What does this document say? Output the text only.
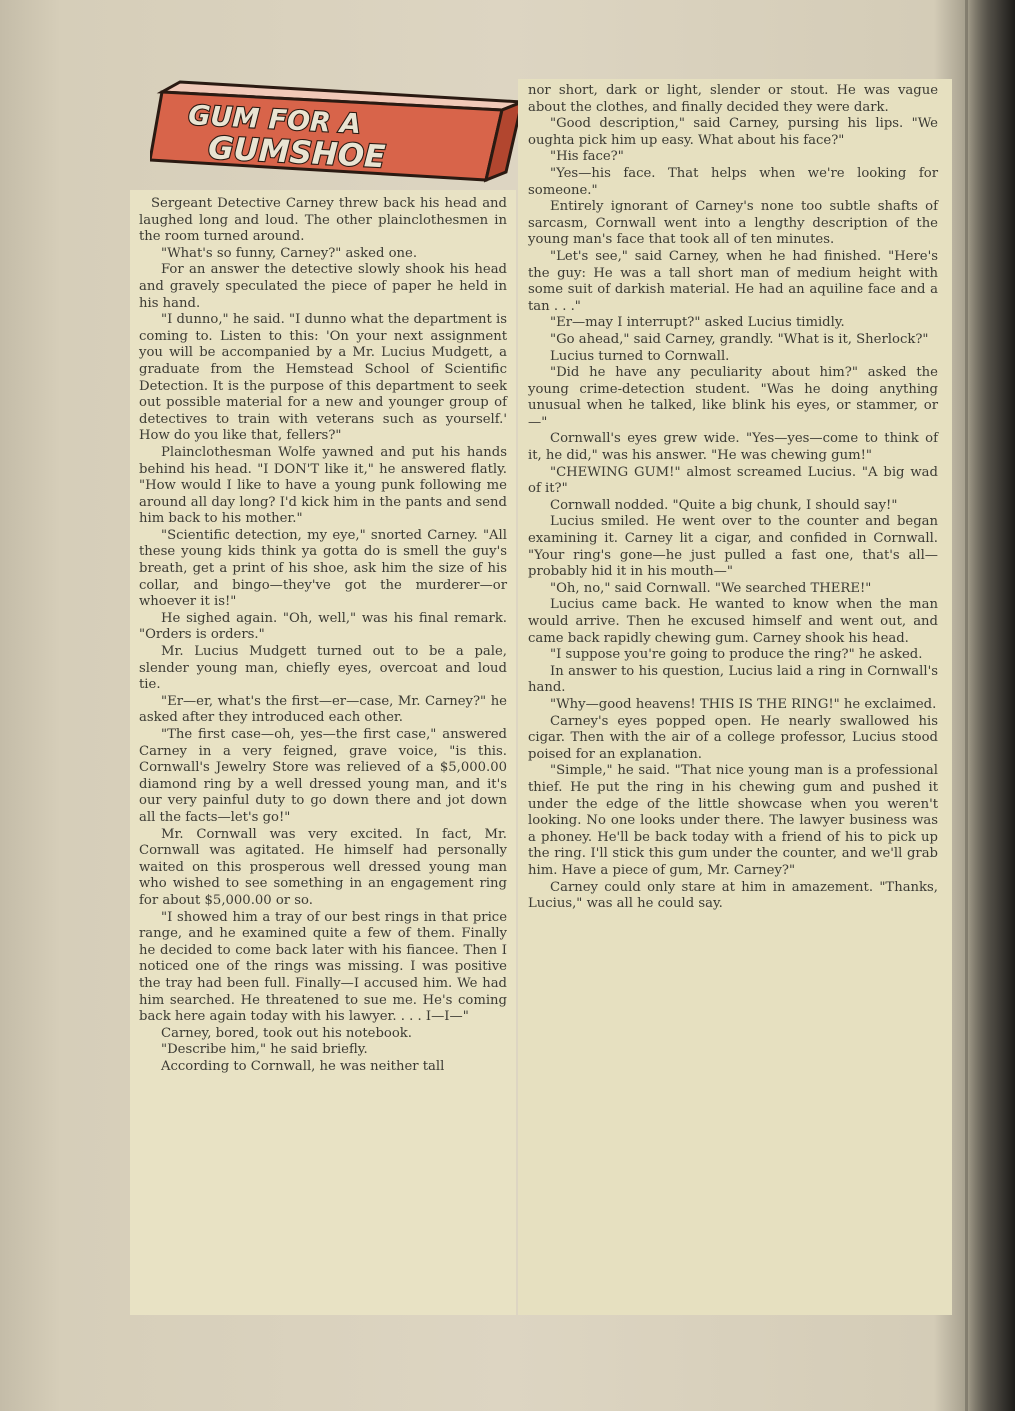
GUM FOR A
GUMSHOE

Sergeant Detective Carney threw back his head and laughed long and loud. The other plainclothesmen in the room turned around.

"What's so funny, Carney?" asked one.

For an answer the detective slowly shook his head and gravely speculated the piece of paper he held in his hand.

"I dunno," he said. "I dunno what the department is coming to. Listen to this: 'On your next assignment you will be accompanied by a Mr. Lucius Mudgett, a graduate from the Hemstead School of Scientific Detection. It is the purpose of this department to seek out possible material for a new and younger group of detectives to train with veterans such as yourself.' How do you like that, fellers?"

Plainclothesman Wolfe yawned and put his hands behind his head. "I DON'T like it," he answered flatly. "How would I like to have a young punk following me around all day long? I'd kick him in the pants and send him back to his mother."

"Scientific detection, my eye," snorted Carney. "All these young kids think ya gotta do is smell the guy's breath, get a print of his shoe, ask him the size of his collar, and bingo—they've got the murderer—or whoever it is!"

He sighed again. "Oh, well," was his final remark. "Orders is orders."

Mr. Lucius Mudgett turned out to be a pale, slender young man, chiefly eyes, overcoat and loud tie.

"Er—er, what's the first—er—case, Mr. Carney?" he asked after they introduced each other.

"The first case—oh, yes—the first case," answered Carney in a very feigned, grave voice, "is this. Cornwall's Jewelry Store was relieved of a $5,000.00 diamond ring by a well dressed young man, and it's our very painful duty to go down there and jot down all the facts—let's go!"

Mr. Cornwall was very excited. In fact, Mr. Cornwall was agitated. He himself had personally waited on this prosperous well dressed young man who wished to see something in an engagement ring for about $5,000.00 or so.

"I showed him a tray of our best rings in that price range, and he examined quite a few of them. Finally he decided to come back later with his fiancee. Then I noticed one of the rings was missing. I was positive the tray had been full. Finally—I accused him. We had him searched. He threatened to sue me. He's coming back here again today with his lawyer. . . . I—I—"

Carney, bored, took out his notebook.

"Describe him," he said briefly.

According to Cornwall, he was neither tall

nor short, dark or light, slender or stout. He was vague about the clothes, and finally decided they were dark.

"Good description," said Carney, pursing his lips. "We oughta pick him up easy. What about his face?"

"His face?"

"Yes—his face. That helps when we're looking for someone."

Entirely ignorant of Carney's none too subtle shafts of sarcasm, Cornwall went into a lengthy description of the young man's face that took all of ten minutes.

"Let's see," said Carney, when he had finished. "Here's the guy: He was a tall short man of medium height with some suit of darkish material. He had an aquiline face and a tan . . ."

"Er—may I interrupt?" asked Lucius timidly.

"Go ahead," said Carney, grandly. "What is it, Sherlock?"

Lucius turned to Cornwall.

"Did he have any peculiarity about him?" asked the young crime-detection student. "Was he doing anything unusual when he talked, like blink his eyes, or stammer, or—"

Cornwall's eyes grew wide. "Yes—yes—come to think of it, he did," was his answer. "He was chewing gum!"

"CHEWING GUM!" almost screamed Lucius. "A big wad of it?"

Cornwall nodded. "Quite a big chunk, I should say!"

Lucius smiled. He went over to the counter and began examining it. Carney lit a cigar, and confided in Cornwall. "Your ring's gone—he just pulled a fast one, that's all—probably hid it in his mouth—"

"Oh, no," said Cornwall. "We searched THERE!"

Lucius came back. He wanted to know when the man would arrive. Then he excused himself and went out, and came back rapidly chewing gum. Carney shook his head.

"I suppose you're going to produce the ring?" he asked.

In answer to his question, Lucius laid a ring in Cornwall's hand.

"Why—good heavens! THIS IS THE RING!" he exclaimed.

Carney's eyes popped open. He nearly swallowed his cigar. Then with the air of a college professor, Lucius stood poised for an explanation.

"Simple," he said. "That nice young man is a professional thief. He put the ring in his chewing gum and pushed it under the edge of the little showcase when you weren't looking. No one looks under there. The lawyer business was a phoney. He'll be back today with a friend of his to pick up the ring. I'll stick this gum under the counter, and we'll grab him. Have a piece of gum, Mr. Carney?"

Carney could only stare at him in amazement. "Thanks, Lucius," was all he could say.
